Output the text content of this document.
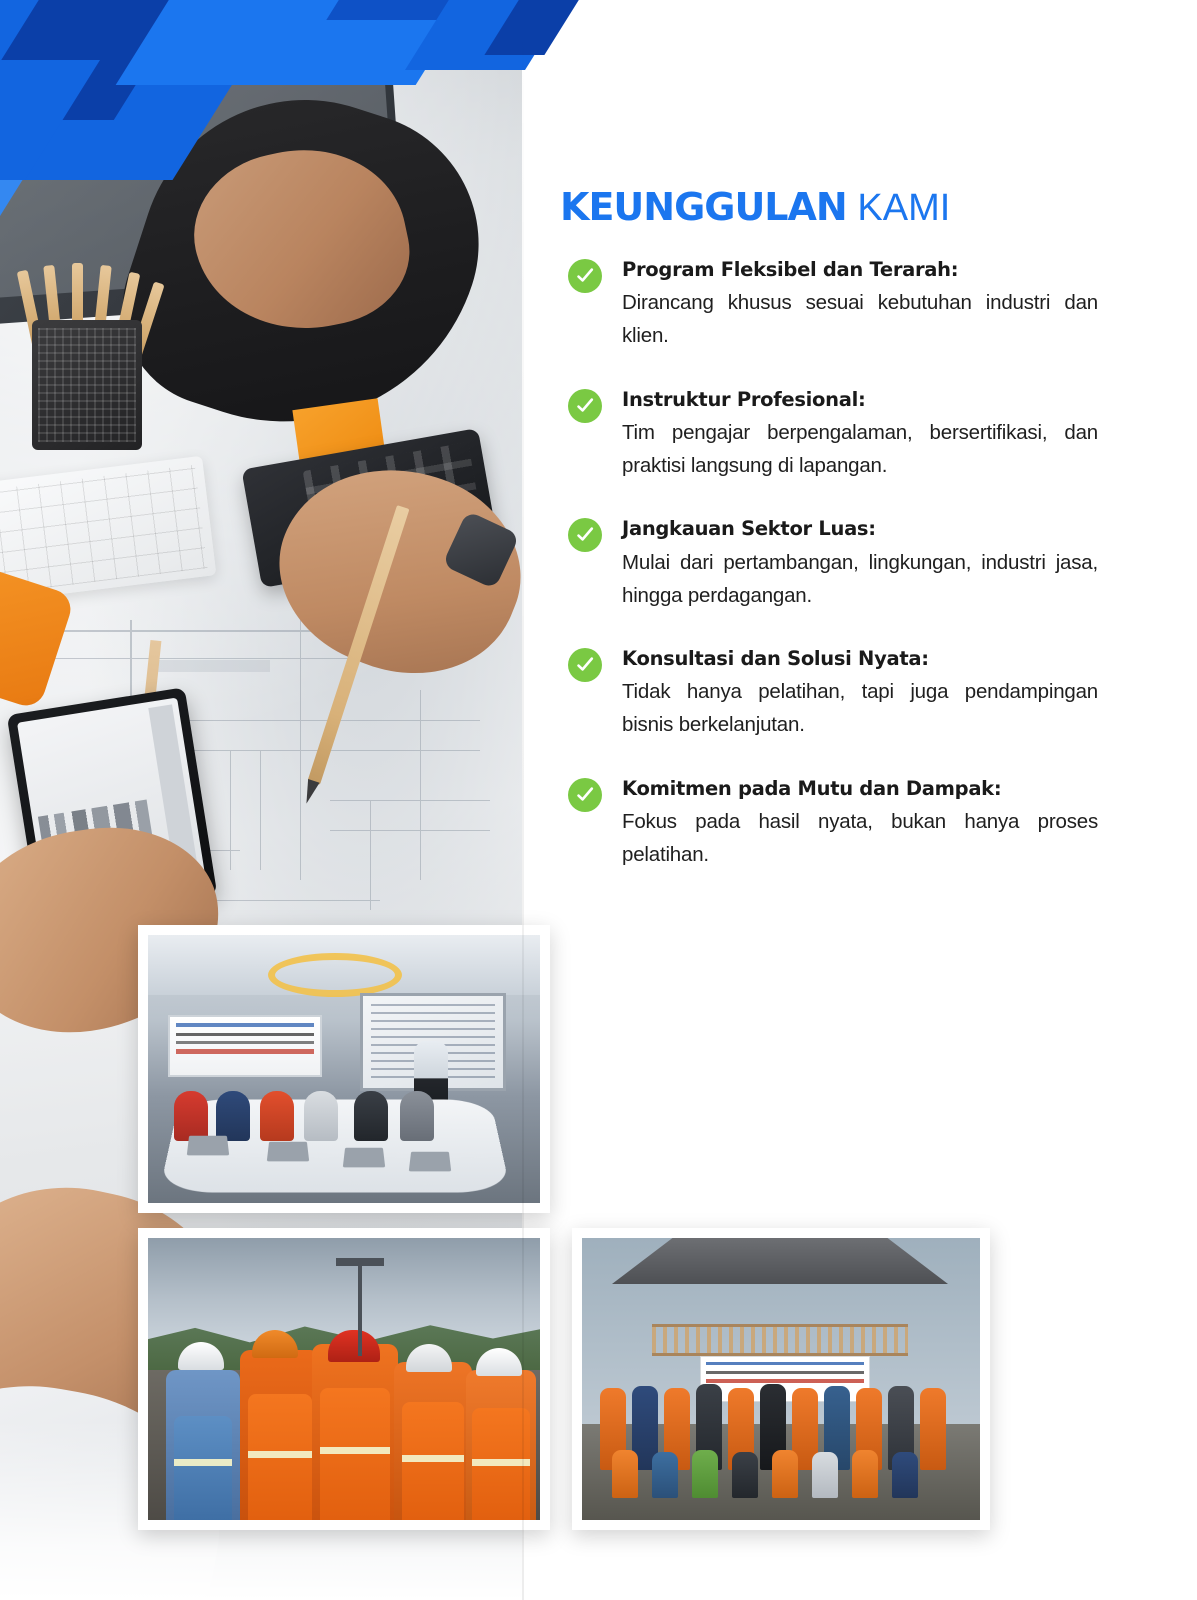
KEUNGGULAN KAMI

Program Fleksibel dan Terarah:

Dirancang khusus sesuai kebutuhan industri dan klien.

Instruktur Profesional:

Tim pengajar berpengalaman, bersertifikasi, dan praktisi langsung di lapangan.

Jangkauan Sektor Luas:

Mulai dari pertambangan, lingkungan, industri jasa, hingga perdagangan.

Konsultasi dan Solusi Nyata:

Tidak hanya pelatihan, tapi juga pendampingan bisnis berkelanjutan.

Komitmen pada Mutu dan Dampak:

Fokus pada hasil nyata, bukan hanya proses pelatihan.
